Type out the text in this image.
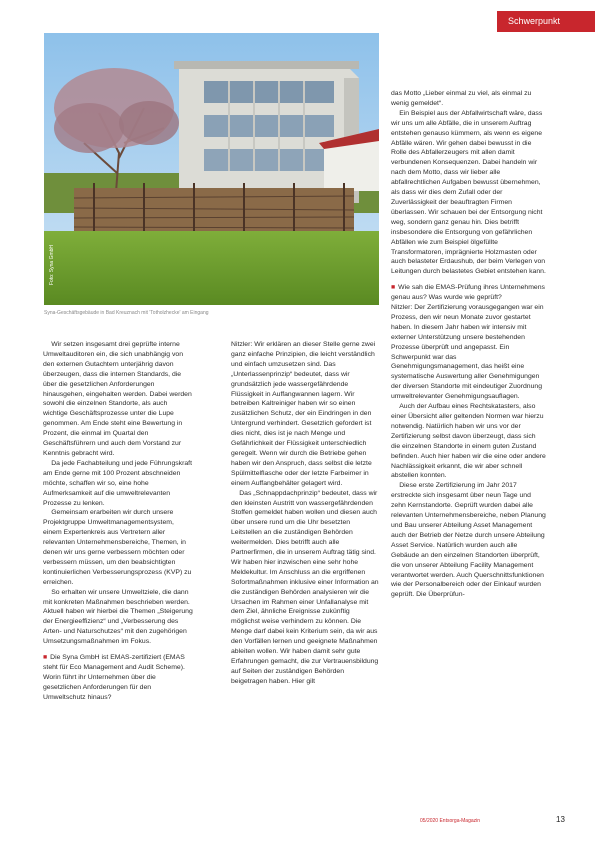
Schwerpunkt
Foto: Syna GmbH
Syna-Geschäftsgebäude in Bad Kreuznach mit 'Totholzhecke' am Eingang

Wir setzen insgesamt drei geprüfte interne Umweltauditoren ein, die sich unabhängig von den externen Gutachtern unterjährig davon überzeugen, dass die internen Standards, die über die gesetzlichen Anforderungen hinausgehen, eingehalten werden. Dabei werden sowohl die einzelnen Standorte, als auch wichtige Geschäftsprozesse unter die Lupe genommen. Am Ende steht eine Bewertung in Prozent, die einmal im Quartal den Geschäftsführern und auch dem Vorstand zur Kenntnis gebracht wird.

Da jede Fachabteilung und jede Führungskraft am Ende gerne mit 100 Prozent abschneiden möchte, schaffen wir so, eine hohe Aufmerksamkeit auf die umweltrelevanten Prozesse zu lenken.

Gemeinsam erarbeiten wir durch unsere Projektgruppe Umweltmanagementsystem, einem Expertenkreis aus Vertretern aller relevanten Unternehmensbereiche, Themen, in denen wir uns gerne verbessern möchten oder verbessern müssen, um den beabsichtigten kontinuierlichen Verbesserungsprozess (KVP) zu erreichen.

So erhalten wir unsere Umweltziele, die dann mit konkreten Maßnahmen beschrieben werden. Aktuell haben wir hierbei die Themen „Steigerung der Energieeffizienz“ und „Verbesserung des Arten- und Naturschutzes“ mit den zugehörigen Umsetzungsmaßnahmen im Fokus.

■ Die Syna GmbH ist EMAS-zertifiziert (EMAS steht für Eco Management and Audit Scheme). Worin führt ihr Unternehmen über die gesetzlichen Anforderungen für den Umweltschutz hinaus?

Nitzler: Wir erklären an dieser Stelle gerne zwei ganz einfache Prinzipien, die leicht verständlich und einfach umzusetzen sind. Das „Unterlassenprinzip“ bedeutet, dass wir grundsätzlich jede wassergefährdende Flüssigkeit in Auffangwannen lagern. Wir betreiben Kaltreiniger haben wir so einen zusätzlichen Schutz, der ein Eindringen in den Untergrund verhindert. Gesetzlich gefordert ist dies nicht, dies ist je nach Menge und Gefährlichkeit der Flüssigkeit unterschiedlich geregelt. Wenn wir durch die Betriebe gehen haben wir den Anspruch, dass selbst die letzte Spülmittelflasche oder der letzte Farbeimer in einem Auffangbehälter gelagert wird.

Das „Schnappdachprinzip“ bedeutet, dass wir den kleinsten Austritt von wassergefährdenden Stoffen gemeldet haben wollen und diesen auch über unsere rund um die Uhr besetzten Leitstellen an die zuständigen Behörden weitermelden. Dies betrifft auch alle Partnerfirmen, die in unserem Auftrag tätig sind. Wir haben hier inzwischen eine sehr hohe Meldekultur. Im Anschluss an die ergriffenen Sofortmaßnahmen inklusive einer Information an die zuständigen Behörden analysieren wir die Ursachen im Rahmen einer Unfallanalyse mit dem Ziel, ähnliche Ereignisse zukünftig möglichst weise verhindern zu können. Die Menge darf dabei kein Kriterium sein, da wir aus den Vorfällen lernen und geeignete Maßnahmen ableiten wollen. Wir haben damit sehr gute Erfahrungen gemacht, die zur Vertrauensbildung auf Seiten der zuständigen Behörden beigetragen haben. Hier gilt

das Motto „Lieber einmal zu viel, als einmal zu wenig gemeldet“.

Ein Beispiel aus der Abfallwirtschaft wäre, dass wir uns um alle Abfälle, die in unserem Auftrag entstehen genauso kümmern, als wenn es eigene Abfälle wären. Wir gehen dabei bewusst in die Rolle des Abfallerzeugers mit allen damit verbundenen Konsequenzen. Dabei handeln wir nach dem Motto, dass wir lieber alle abfallrechtlichen Aufgaben bewusst übernehmen, als dass wir dies dem Zufall oder der Zuverlässigkeit der beauftragten Firmen überlassen. Wir schauen bei der Entsorgung nicht weg, sondern ganz genau hin. Dies betrifft insbesondere die Entsorgung von gefährlichen Abfällen wie zum Beispiel ölgefüllte Transformatoren, imprägnierte Holzmasten oder auch belasteter Erdaushub, der beim Verlegen von Leitungen durch belastetes Gebiet entstehen kann.

■ Wie sah die EMAS-Prüfung ihres Unternehmens genau aus? Was wurde wie geprüft?

Nitzler: Der Zertifizierung vorausgegangen war ein Prozess, den wir neun Monate zuvor gestartet haben. In diesem Jahr haben wir intensiv mit externer Unterstützung unsere bestehenden Prozesse überprüft und angepasst. Ein Schwerpunkt war das Genehmigungsmanagement, das heißt eine systematische Auswertung aller Genehmigungen der diversen Standorte mit eindeutiger Zuordnung umweltrelevanter Genehmigungsauflagen.

Auch der Aufbau eines Rechtskatasters, also einer Übersicht aller geltenden Normen war hierzu notwendig. Natürlich haben wir uns vor der Zertifizierung selbst davon überzeugt, dass sich die einzelnen Standorte in einem guten Zustand befinden. Auch hier haben wir die eine oder andere Nachlässigkeit erkannt, die wir aber schnell abstellen konnten.

Diese erste Zertifizierung im Jahr 2017 erstreckte sich insgesamt über neun Tage und zehn Kernstandorte. Geprüft wurden dabei alle relevanten Unternehmensbereiche, neben Planung und Bau unserer Abteilung Asset Management auch der Betrieb der Netze durch unsere Abteilung Asset Service. Natürlich wurden auch alle Gebäude an den einzelnen Standorten überprüft, die von unserer Abteilung Facility Management verantwortet werden. Auch Querschnittsfunktionen wie der Personalbereich oder der Einkauf wurden geprüft. Die Überprüfun-

05/2020 Entsorga-Magazin	13
